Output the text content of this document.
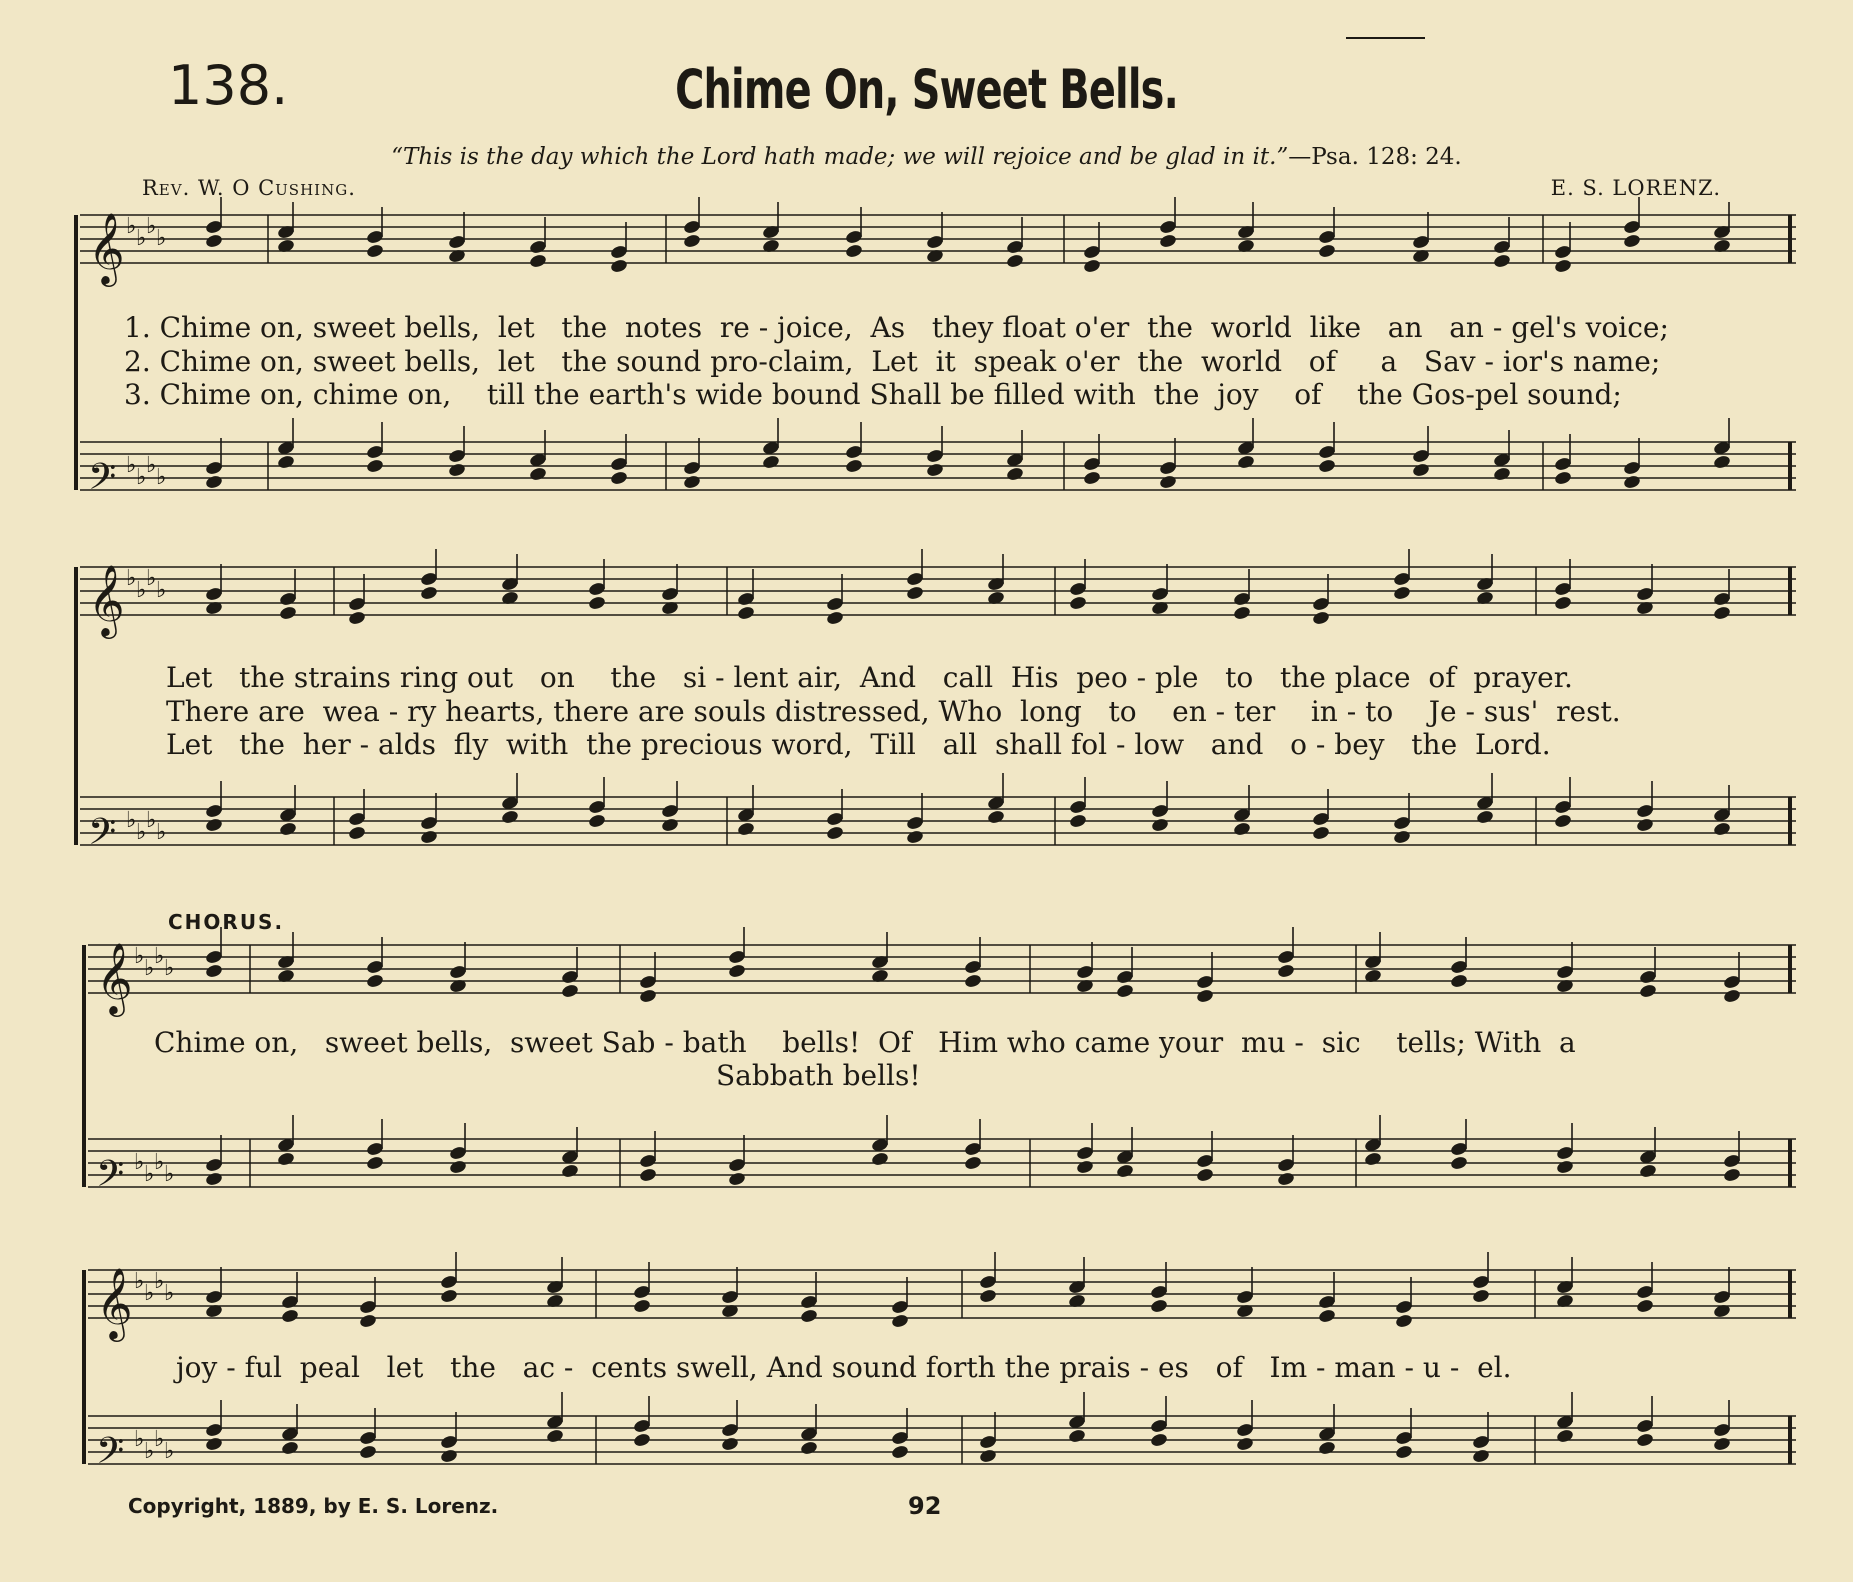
138.	Chime On, Sweet Bells.
“This is the day which the Lord hath made; we will rejoice and be glad in it.”—Psa. 128: 24.
Rev. W. O Cushing.	E. S. LORENZ.
𝄞 ♭ ♭ ♭ ♭
𝄢 ♭ ♭ ♭ ♭
𝄞 ♭ ♭ ♭ ♭
𝄢 ♭ ♭ ♭ ♭
𝄞 ♭ ♭ ♭ ♭
𝄢 ♭ ♭ ♭ ♭
𝄞 ♭ ♭ ♭ ♭
𝄢 ♭ ♭ ♭ ♭
1. Chime on, sweet bells,  let   the  notes  re - joice,  As   they float o'er  the  world  like   an   an - gel's voice;
2. Chime on, sweet bells,  let   the sound pro-claim,  Let  it  speak o'er  the  world   of     a   Sav - ior's name;
3. Chime on, chime on,    till the earth's wide bound Shall be filled with  the  joy    of    the Gos-pel sound;
Let   the strains ring out   on    the   si - lent air,  And   call  His  peo - ple   to   the place  of  prayer.
There are  wea - ry hearts, there are souls distressed, Who  long   to    en - ter    in - to    Je - sus'  rest.
Let   the  her - alds  fly  with  the precious word,  Till   all  shall fol - low   and   o - bey   the  Lord.
CHORUS.
Chime on,   sweet bells,  sweet Sab - bath    bells!  Of   Him who came your  mu -  sic    tells; With  a
Sabbath bells!
joy - ful  peal   let   the   ac -  cents swell, And sound forth the prais - es   of   Im - man - u -  el.
Copyright, 1889, by E. S. Lorenz.	92
